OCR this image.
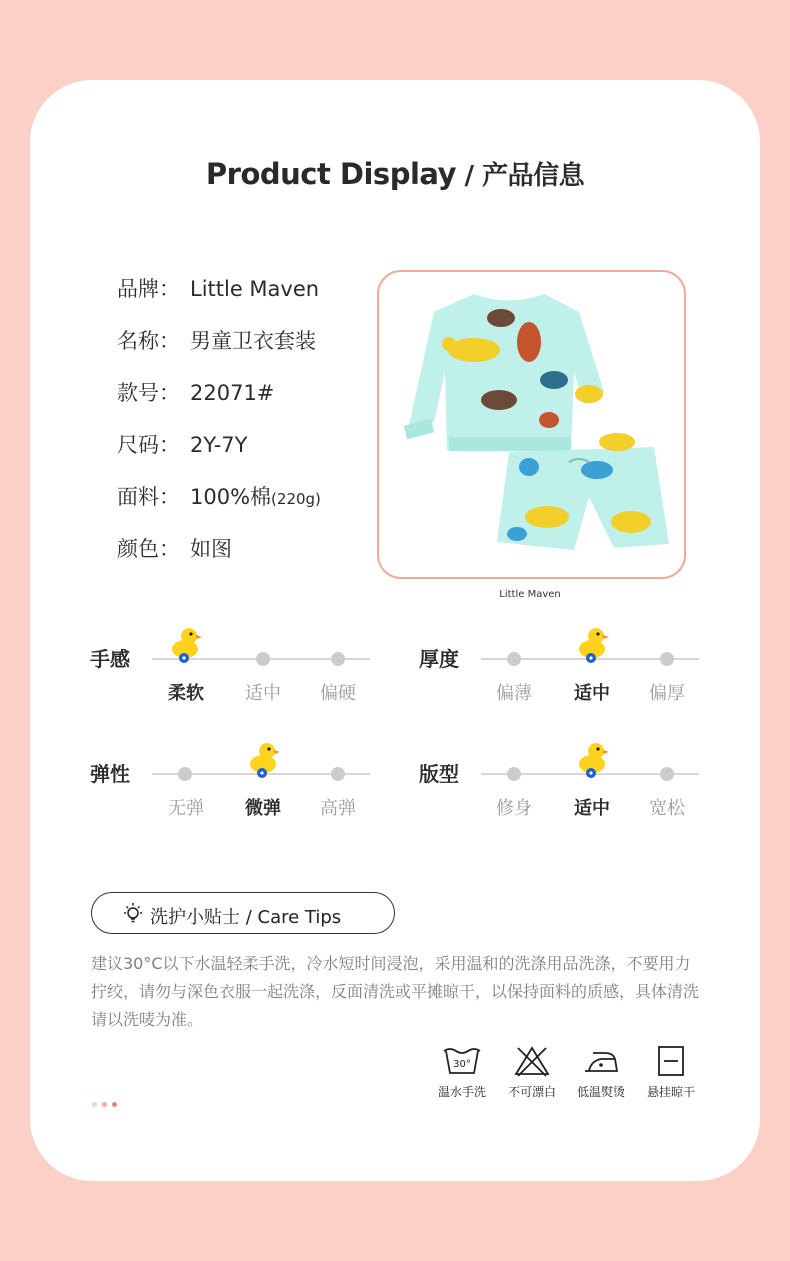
Product Display / 产品信息
品牌： Little Maven
名称： 男童卫衣套装
款号： 22071#
尺码： 2Y-7Y
面料： 100%棉(220g)
颜色： 如图
Little Maven
手感
柔软	适中	偏硬
厚度
偏薄	适中	偏厚
弹性
无弹	微弹	高弹
版型
修身	适中	宽松
洗护小贴士 / Care Tips
建议30°C以下水温轻柔手洗，冷水短时间浸泡，采用温和的洗涤用品洗涤，不要用力拧绞，请勿与深色衣服一起洗涤，反面清洗或平摊晾干，以保持面料的质感，具体清洗请以洗唛为准。
30°
温水手洗	不可漂白	低温熨烫	悬挂晾干
